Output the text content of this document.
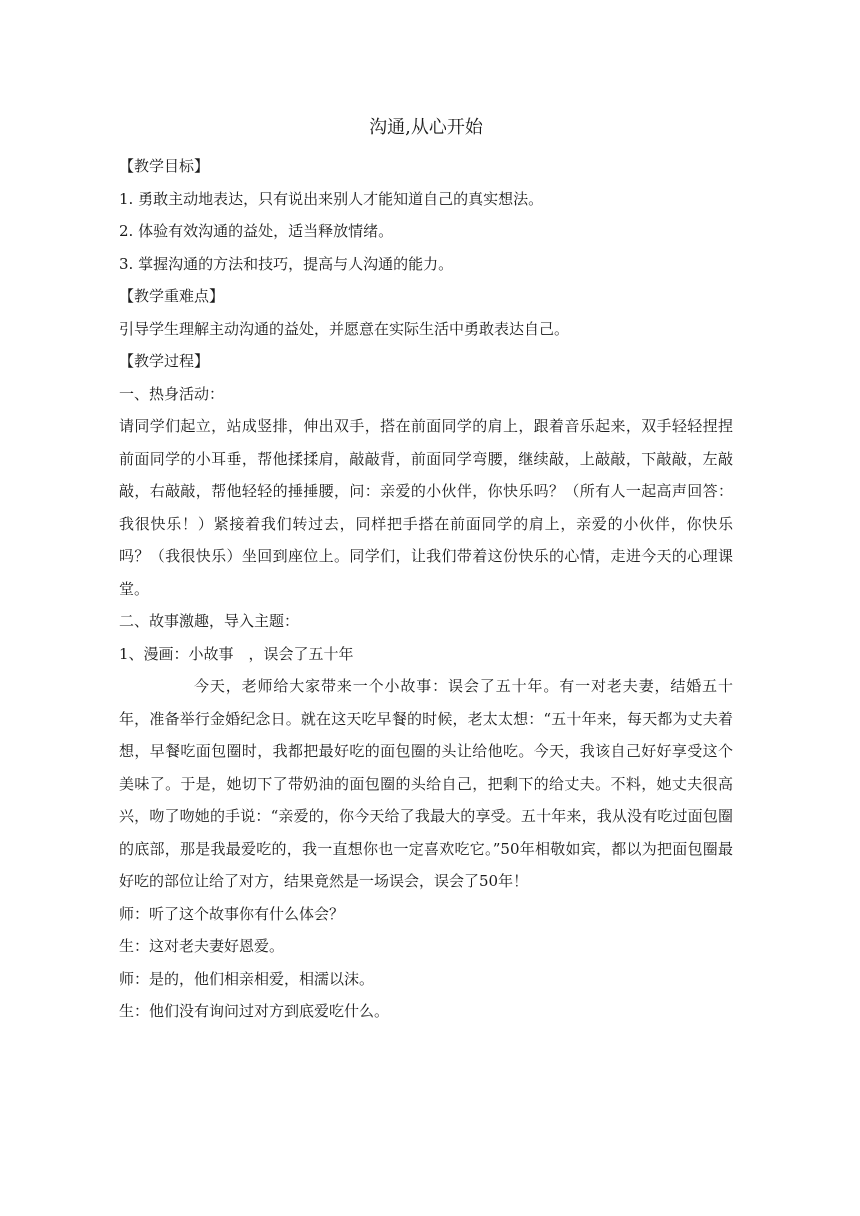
沟通,从心开始

【教学目标】

1. 勇敢主动地表达，只有说出来别人才能知道自己的真实想法。

2. 体验有效沟通的益处，适当释放情绪。

3. 掌握沟通的方法和技巧，提高与人沟通的能力。

【教学重难点】

引导学生理解主动沟通的益处，并愿意在实际生活中勇敢表达自己。

【教学过程】

一、热身活动：

请同学们起立，站成竖排，伸出双手，搭在前面同学的肩上，跟着音乐起来，双手轻轻捏捏前面同学的小耳垂，帮他揉揉肩，敲敲背，前面同学弯腰，继续敲，上敲敲，下敲敲，左敲敲，右敲敲，帮他轻轻的捶捶腰，问：亲爱的小伙伴，你快乐吗？（所有人一起高声回答：我很快乐！）紧接着我们转过去，同样把手搭在前面同学的肩上，亲爱的小伙伴，你快乐吗？（我很快乐）坐回到座位上。同学们，让我们带着这份快乐的心情，走进今天的心理课堂。

二、故事激趣，导入主题：

1、漫画：小故事　，误会了五十年

今天，老师给大家带来一个小故事：误会了五十年。有一对老夫妻，结婚五十年，准备举行金婚纪念日。就在这天吃早餐的时候，老太太想：“五十年来，每天都为丈夫着想，早餐吃面包圈时，我都把最好吃的面包圈的头让给他吃。今天，我该自己好好享受这个美味了。于是，她切下了带奶油的面包圈的头给自己，把剩下的给丈夫。不料，她丈夫很高兴，吻了吻她的手说：“亲爱的，你今天给了我最大的享受。五十年来，我从没有吃过面包圈的底部，那是我最爱吃的，我一直想你也一定喜欢吃它。”50年相敬如宾，都以为把面包圈最好吃的部位让给了对方，结果竟然是一场误会，误会了50年！

师：听了这个故事你有什么体会？

生：这对老夫妻好恩爱。

师：是的，他们相亲相爱，相濡以沫。

生：他们没有询问过对方到底爱吃什么。
